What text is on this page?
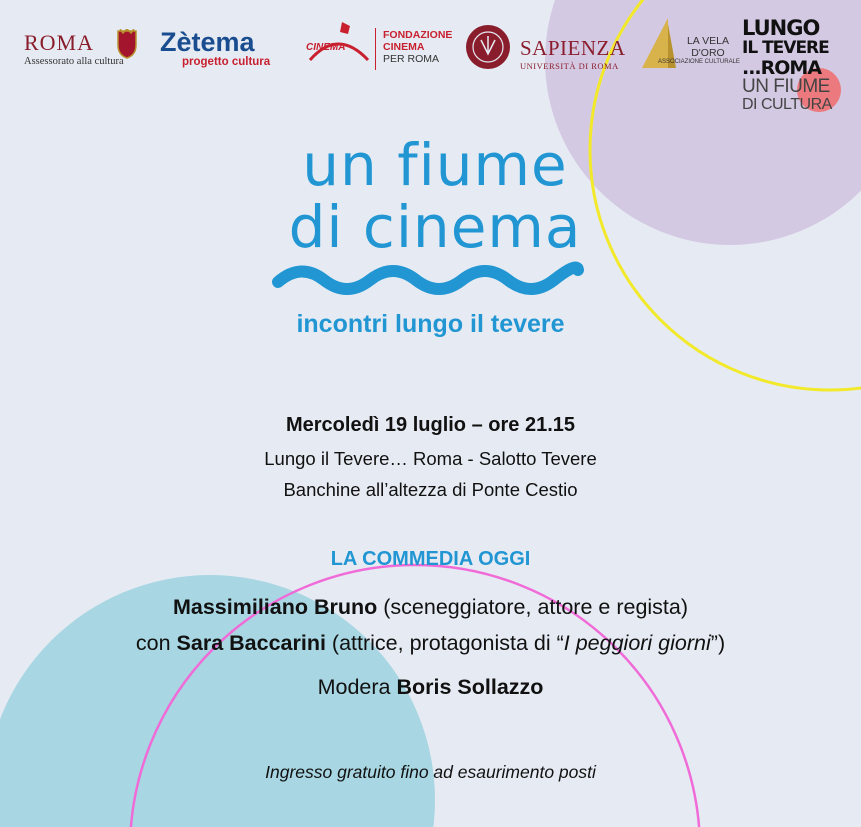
ROMA
Assessorato alla cultura
Zètema
progetto cultura
CINEMA
FONDAZIONE
CINEMA
PER ROMA	SAPIENZA
UNIVERSITÀ DI ROMA
LA VELA
D'ORO
ASSOCIAZIONE CULTURALE
LUNGO
IL TEVERE
...ROMA
UN FIUME
DI CULTURA
un fiume
di cinema
incontri lungo il tevere
Mercoledì 19 luglio – ore 21.15
Lungo il Tevere… Roma - Salotto Tevere
Banchine all’altezza di Ponte Cestio
LA COMMEDIA OGGI
Massimiliano Bruno (sceneggiatore, attore e regista)
con Sara Baccarini (attrice, protagonista di “I peggiori giorni”)
Modera Boris Sollazzo
Ingresso gratuito fino ad esaurimento posti
